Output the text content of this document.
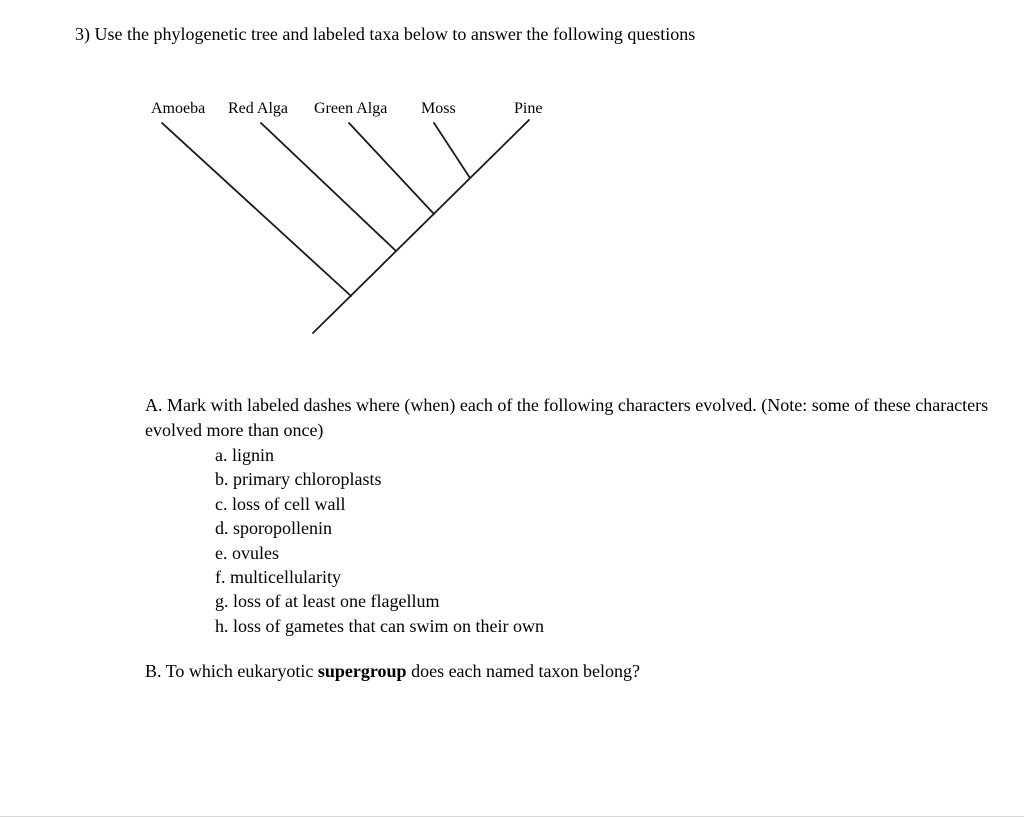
3) Use the phylogenetic tree and labeled taxa below to answer the following questions
Amoeba Red Alga Green Alga Moss	Pine
A. Mark with labeled dashes where (when) each of the following characters evolved. (Note: some of these characters evolved more than once)
a. lignin
b. primary chloroplasts
c. loss of cell wall
d. sporopollenin
e. ovules
f. multicellularity
g. loss of at least one flagellum
h. loss of gametes that can swim on their own
B. To which eukaryotic supergroup does each named taxon belong?
